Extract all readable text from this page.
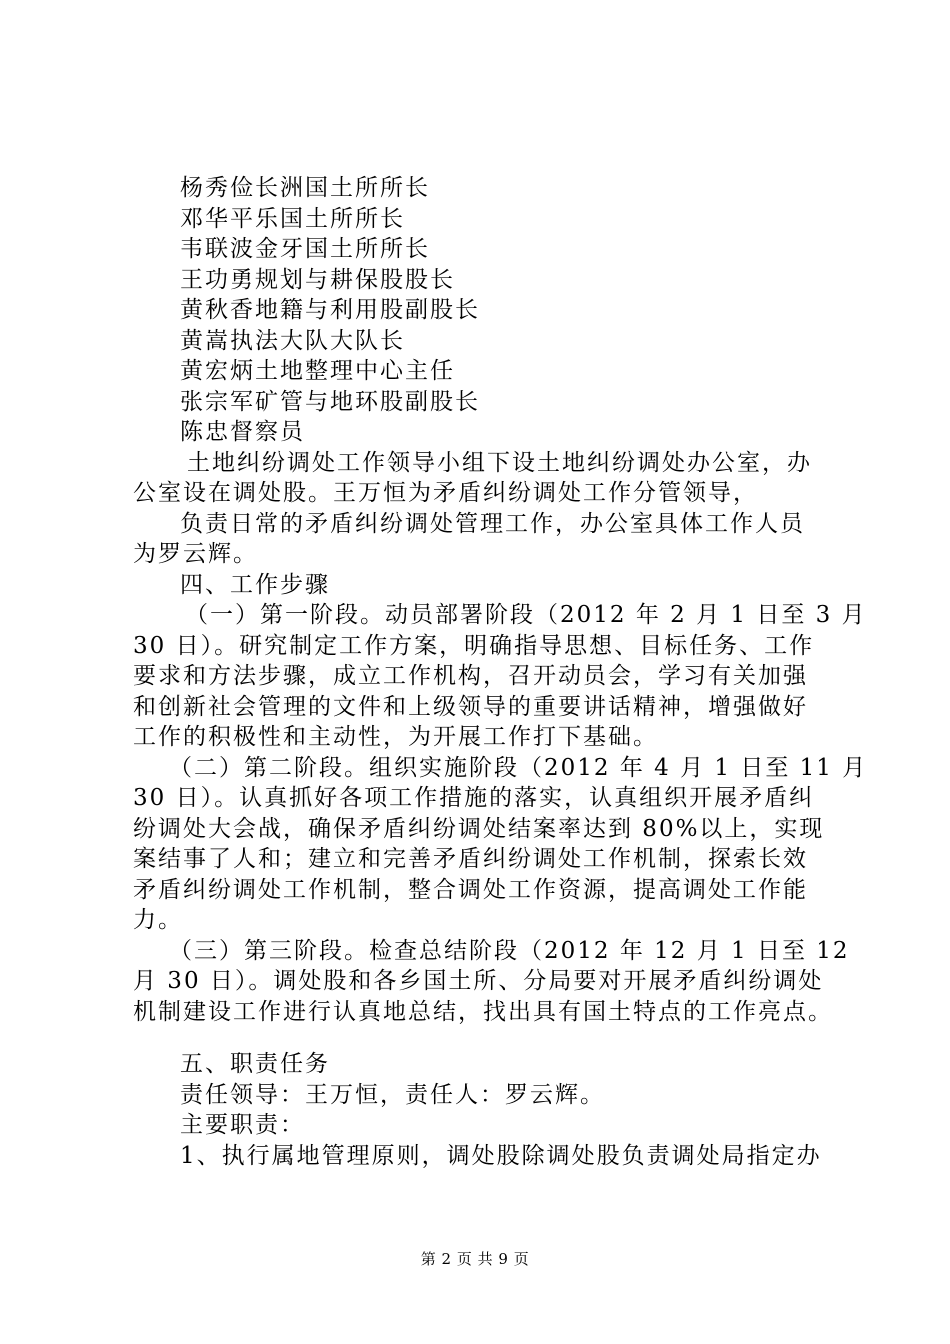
杨秀俭长洲国土所所长
邓华平乐国土所所长
韦联波金牙国土所所长
王功勇规划与耕保股股长
黄秋香地籍与利用股副股长
黄嵩执法大队大队长
黄宏炳土地整理中心主任
张宗军矿管与地环股副股长
陈忠督察员
土地纠纷调处工作领导小组下设土地纠纷调处办公室，办
公室设在调处股。王万恒为矛盾纠纷调处工作分管领导，
负责日常的矛盾纠纷调处管理工作，办公室具体工作人员
为罗云辉。
四、工作步骤
（一）第一阶段。动员部署阶段（2012 年 2 月 1 日至 3 月
30 日）。研究制定工作方案，明确指导思想、目标任务、工作
要求和方法步骤，成立工作机构，召开动员会，学习有关加强
和创新社会管理的文件和上级领导的重要讲话精神，增强做好
工作的积极性和主动性，为开展工作打下基础。
（二）第二阶段。组织实施阶段（2012 年 4 月 1 日至 11 月
30 日）。认真抓好各项工作措施的落实，认真组织开展矛盾纠
纷调处大会战，确保矛盾纠纷调处结案率达到 80%以上，实现
案结事了人和；建立和完善矛盾纠纷调处工作机制，探索长效
矛盾纠纷调处工作机制，整合调处工作资源，提高调处工作能
力。
（三）第三阶段。检查总结阶段（2012 年 12 月 1 日至 12
月 30 日）。调处股和各乡国土所、分局要对开展矛盾纠纷调处
机制建设工作进行认真地总结，找出具有国土特点的工作亮点。
五、职责任务
责任领导：王万恒，责任人：罗云辉。
主要职责：
1、执行属地管理原则，调处股除调处股负责调处局指定办
第 2 页 共 9 页
